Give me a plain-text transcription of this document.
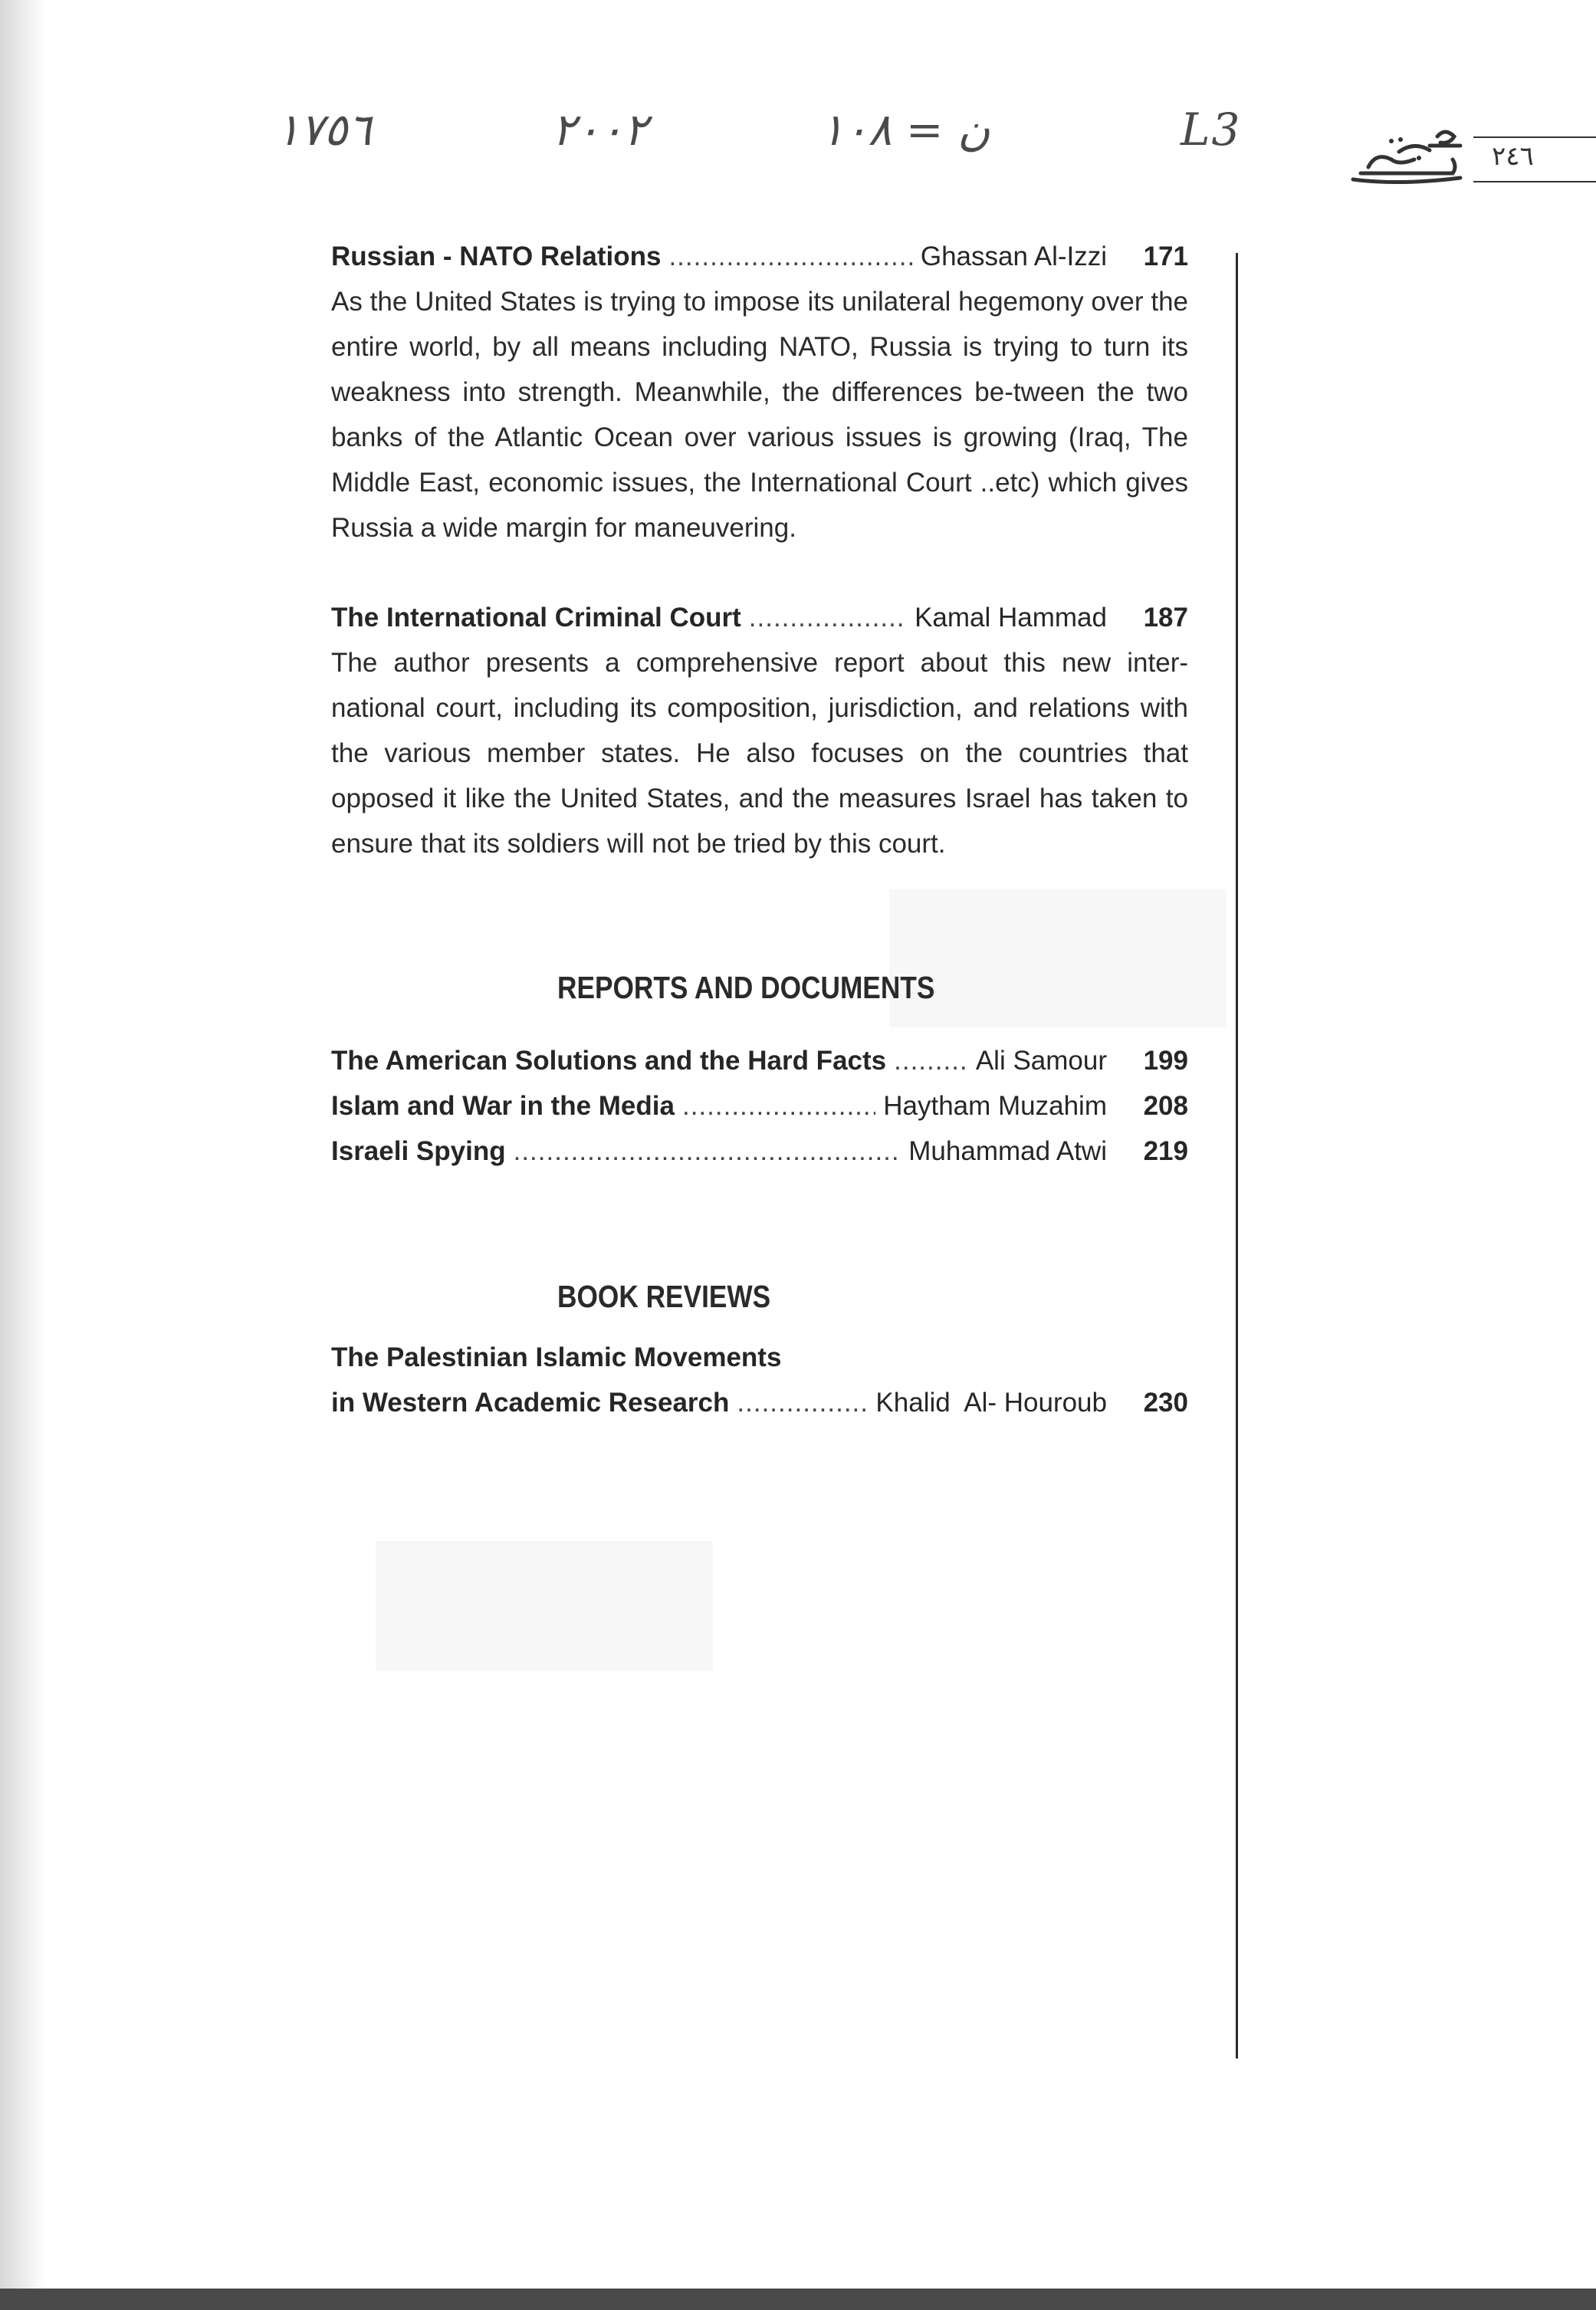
١٧٥٦	٢٠٠٢	ن = ١٠٨	L3
٢٤٦
Russian - NATO Relations .....	Ghassan Al-Izzi 171

As the United States is trying to impose its unilateral hegemony over the entire world, by all means including NATO, Russia is trying to turn its weakness into strength. Meanwhile, the differences be-tween the two banks of the Atlantic Ocean over various issues is growing (Iraq, The Middle East, economic issues, the International Court ..etc) which gives Russia a wide margin for maneuvering.

The International Criminal Court .....	Kamal Hammad 187

The author presents a comprehensive report about this new inter-national court, including its composition, jurisdiction, and relations with the various member states. He also focuses on the countries that opposed it like the United States, and the measures Israel has taken to ensure that its soldiers will not be tried by this court.

REPORTS AND DOCUMENTS
The American Solutions and the Hard Facts .....	Ali Samour 199
Islam and War in the Media .....	Haytham Muzahim 208
Israeli Spying .....	Muhammad Atwi 219
BOOK REVIEWS
The Palestinian Islamic Movements
in Western Academic Research .....	Khalid  Al- Houroub 230
